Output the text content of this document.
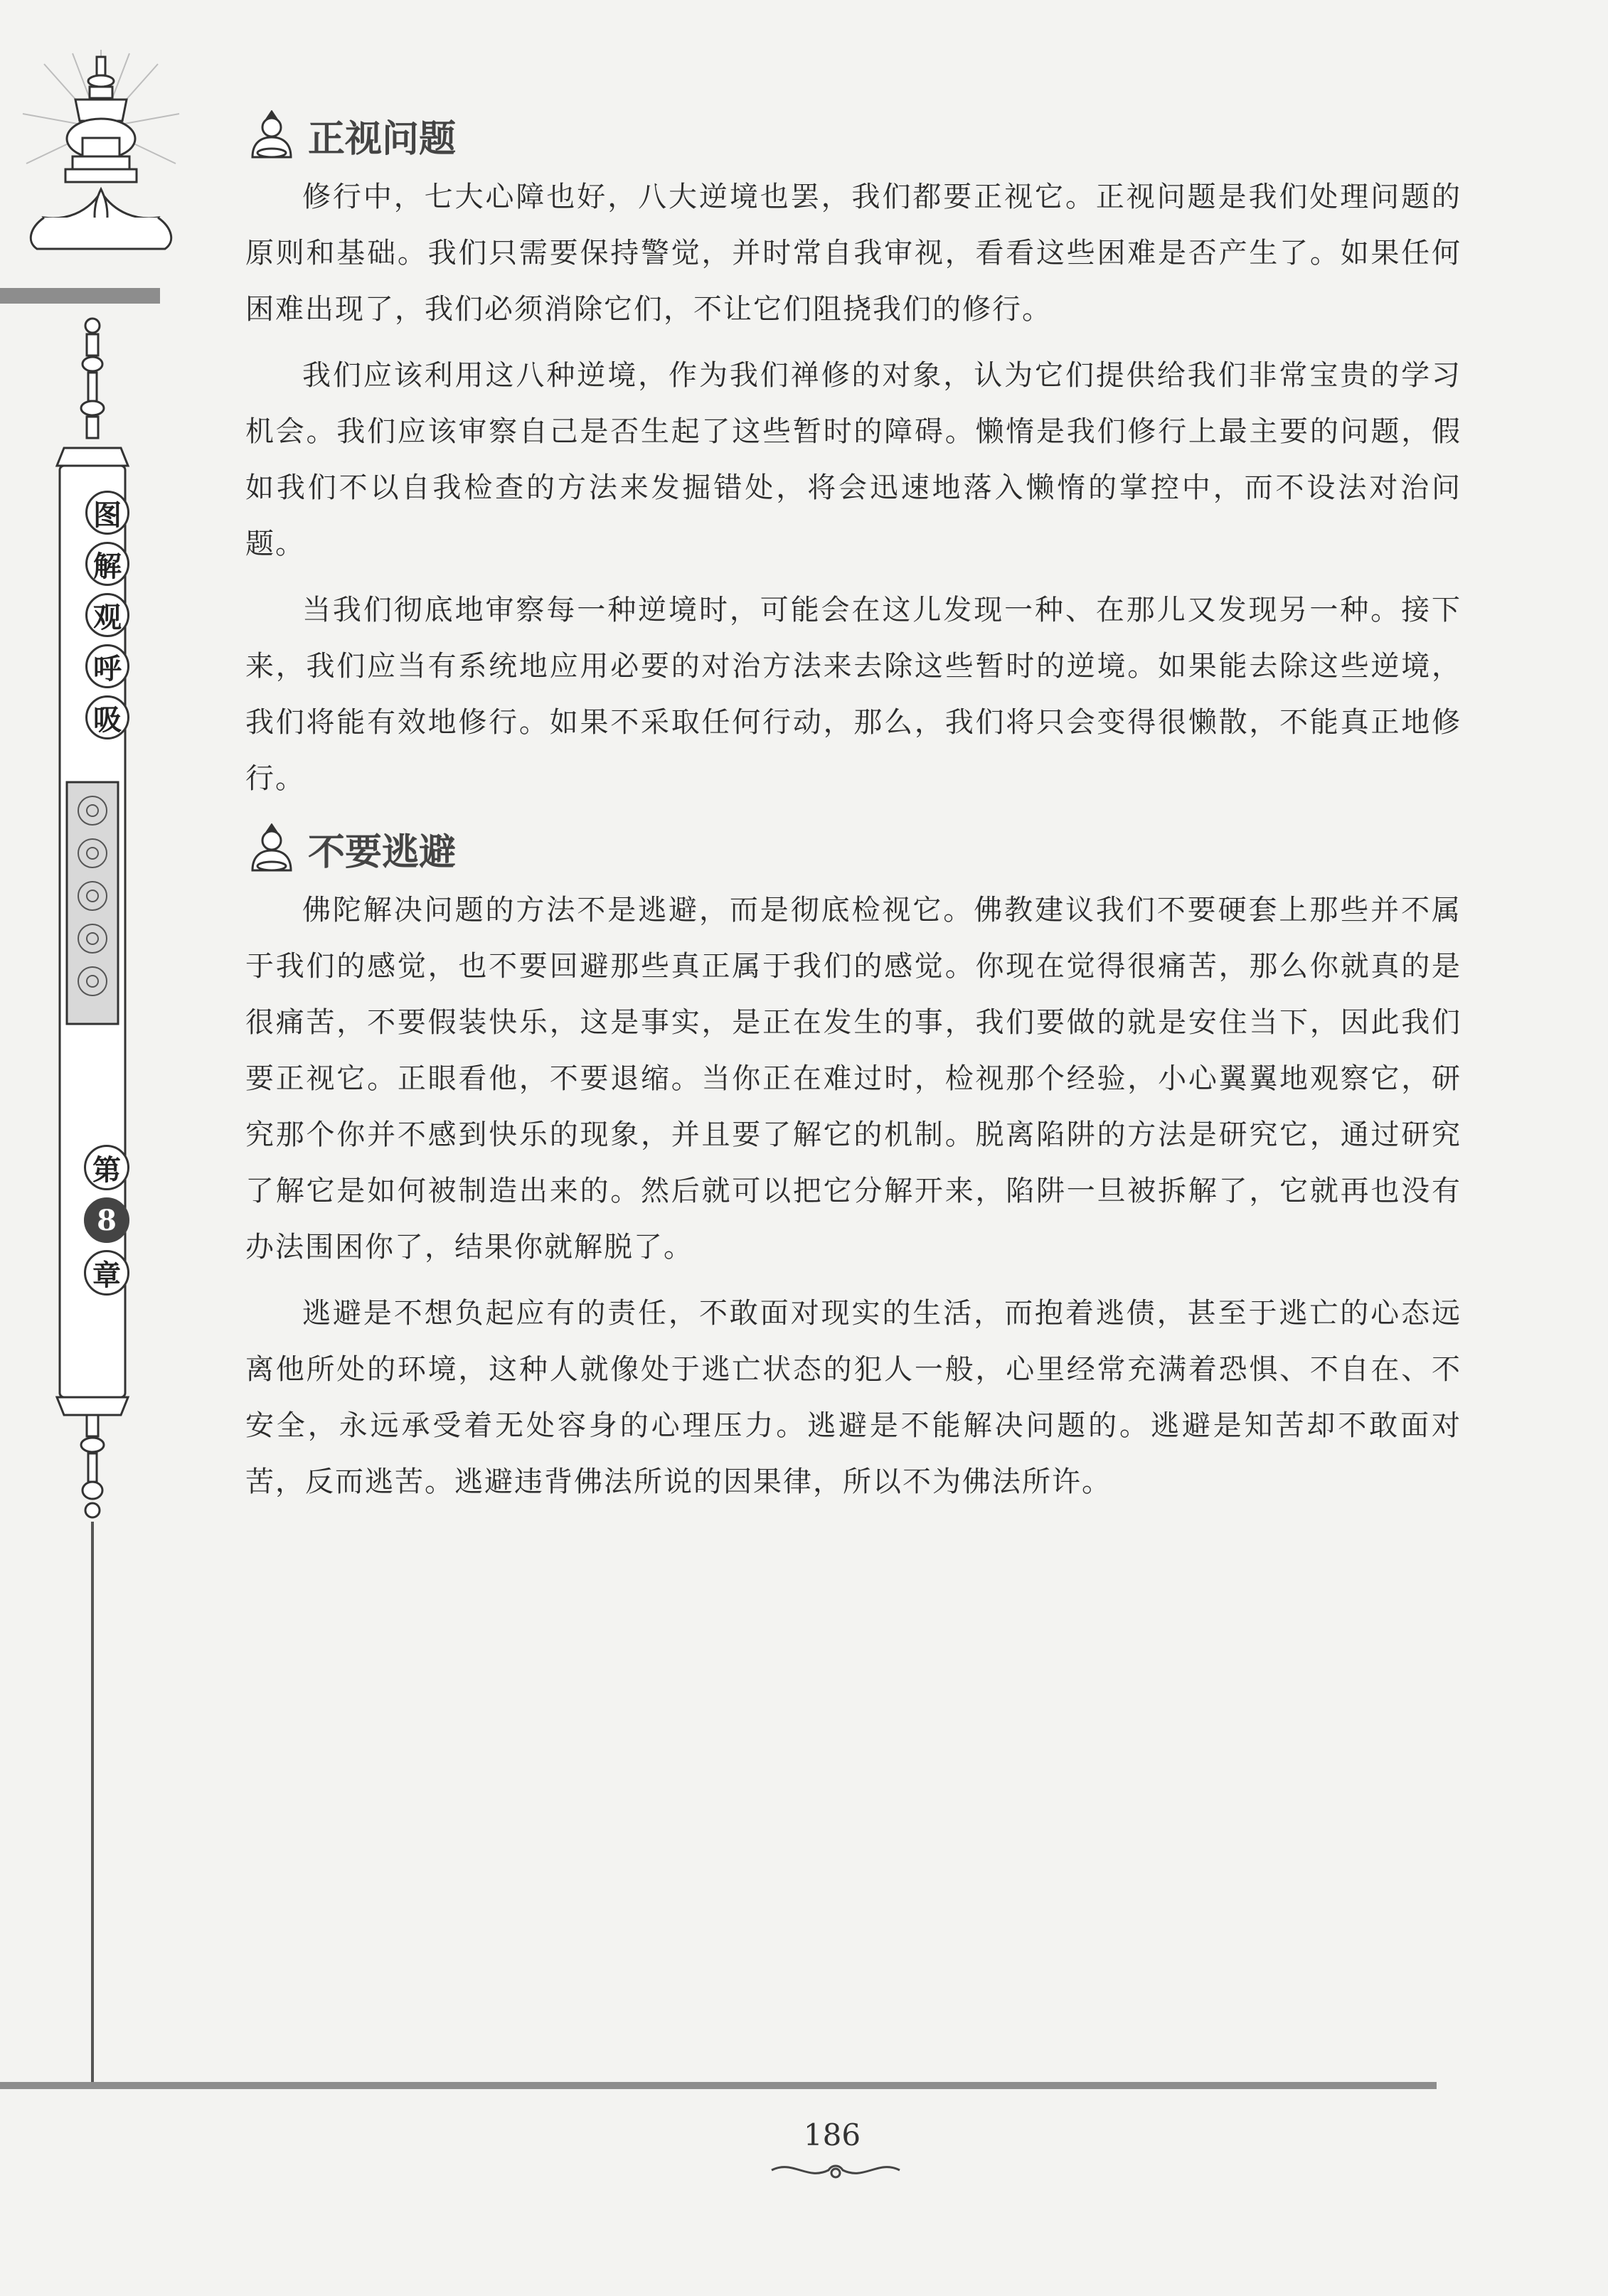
图
解
观
呼
吸
第
8
章
正视问题

修行中，七大心障也好，八大逆境也罢，我们都要正视它。正视问题是我们处理问题的原则和基础。我们只需要保持警觉，并时常自我审视，看看这些困难是否产生了。如果任何困难出现了，我们必须消除它们，不让它们阻挠我们的修行。

我们应该利用这八种逆境，作为我们禅修的对象，认为它们提供给我们非常宝贵的学习机会。我们应该审察自己是否生起了这些暂时的障碍。懒惰是我们修行上最主要的问题，假如我们不以自我检查的方法来发掘错处，将会迅速地落入懒惰的掌控中，而不设法对治问题。

当我们彻底地审察每一种逆境时，可能会在这儿发现一种、在那儿又发现另一种。接下来，我们应当有系统地应用必要的对治方法来去除这些暂时的逆境。如果能去除这些逆境，我们将能有效地修行。如果不采取任何行动，那么，我们将只会变得很懒散，不能真正地修行。

不要逃避

佛陀解决问题的方法不是逃避，而是彻底检视它。佛教建议我们不要硬套上那些并不属于我们的感觉，也不要回避那些真正属于我们的感觉。你现在觉得很痛苦，那么你就真的是很痛苦，不要假装快乐，这是事实，是正在发生的事，我们要做的就是安住当下，因此我们要正视它。正眼看他，不要退缩。当你正在难过时，检视那个经验，小心翼翼地观察它，研究那个你并不感到快乐的现象，并且要了解它的机制。脱离陷阱的方法是研究它，通过研究了解它是如何被制造出来的。然后就可以把它分解开来，陷阱一旦被拆解了，它就再也没有办法围困你了，结果你就解脱了。

逃避是不想负起应有的责任，不敢面对现实的生活，而抱着逃债，甚至于逃亡的心态远离他所处的环境，这种人就像处于逃亡状态的犯人一般，心里经常充满着恐惧、不自在、不安全，永远承受着无处容身的心理压力。逃避是不能解决问题的。逃避是知苦却不敢面对苦，反而逃苦。逃避违背佛法所说的因果律，所以不为佛法所许。

186
